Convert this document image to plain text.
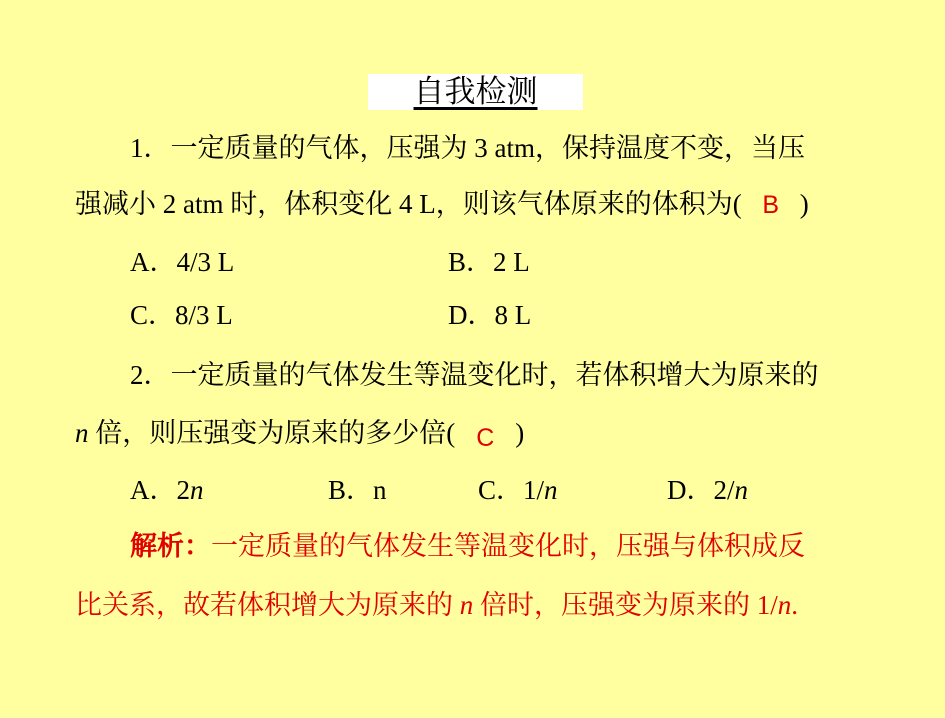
自我检测
1．一定质量的气体，压强为 3 atm，保持温度不变，当压
强减小 2 atm 时，体积变化 4 L，则该气体原来的体积为( B )
A．4/3 L	B．2 L
C．8/3 L	D．8 L
2．一定质量的气体发生等温变化时，若体积增大为原来的
n 倍，则压强变为原来的多少倍( C )
A．2n	B．n	C．1/n	D．2/n
解析：一定质量的气体发生等温变化时，压强与体积成反
比关系，故若体积增大为原来的 n 倍时，压强变为原来的 1/n.
